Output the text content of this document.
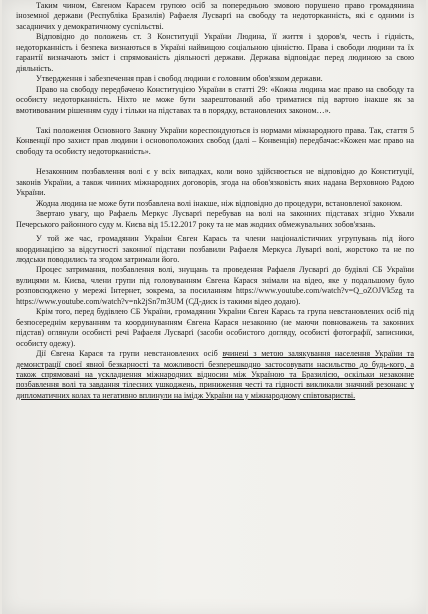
Таким чином, Євгеном Карасем групою осіб за попередньою змовою порушено право громадянина іноземної держави (Республіка Бразилія) Рафаеля Лусварґі на свободу та недоторканність, які є одними із засадничих у демократичному суспільстві.

Відповідно до положень ст. 3 Конституції України Людина, її життя і здоров'я, честь і гідність, недоторканність і безпека визнаються в Україні найвищою соціальною цінністю. Права і свободи людини та їх гарантії визначають зміст і спрямованість діяльності держави. Держава відповідає перед людиною за свою діяльність.

Утвердження і забезпечення прав і свобод людини є головним обов'язком держави.

Право на свободу передбачено Конституцією України в статті 29: «Кожна людина має право на свободу та особисту недоторканність. Ніхто не може бути заарештований або триматися під вартою інакше як за вмотивованим рішенням суду і тільки на підставах та в порядку, встановлених законом…».

Такі положення Основного Закону України кореспондуються із нормами міжнародного права. Так, стаття 5 Конвенції про захист прав людини і основоположних свобод (далі – Конвенція) передбачає:«Кожен має право на свободу та особисту недоторканність».

Незаконним позбавлення волі є у всіх випадках, коли воно здійснюється не відповідно до Конституції, законів України, а також чинних міжнародних договорів, згода на обов'язковість яких надана Верховною Радою України.

Жодна людина не може бути позбавлена волі інакше, ніж відповідно до процедури, встановленої законом.

Звертаю увагу, що Рафаель Меркус Лусварґі перебував на волі на законних підставах згідно Ухвали Печерського районного суду м. Києва від 15.12.2017 року та не мав жодних обмежувальних зобов'язань.

У той же час, громадянин України Євген Карась та члени націоналістичних угрупувань під його координацією за відсутності законної підстави позбавили Рафаеля Меркуса Луварґі волі, жорстоко та не по людськи поводились та згодом затримали його.

Процес затримання, позбавлення волі, знущань та проведення Рафаеля Лусварґі до будівлі СБ України вулицями м. Києва, члени групи під головуванням Євгена Карася знімали на відео, яке у подальшому було розповсюджено у мережі Інтернет, зокрема, за посиланням https://www.youtube.com/watch?v=Q_oZOJVk5zg та https://www.youtube.com/watch?v=nk2jSn7m3UM (СД-диск із такими відео додаю).

Крім того, перед будівлею СБ України, громадянин України Євген Карась та група невстановлених осіб під безпосереднім керуванням та координуванням Євгена Карася незаконно (не маючи повноважень та законних підстав) оглянули особисті речі Рафаеля Лусварґі (засоби особистого догляду, особисті фотографії, записники, особисту одежу).

Дії Євгена Карася та групи невстановлених осіб вчинені з метою залякування населення України та демонстрації своєї явної безкарності та можливості безперешкодно застосовувати насильство до будь-кого, а також спрямовані на ускладнення міжнародних відносин між Україною та Бразилією, оскільки незаконне позбавлення волі та завдання тілесних ушкоджень, приниження честі та гідності викликали значний резонанс у дипломатичних колах та негативно вплинули на імідж України на у міжнародному співтоваристві.
